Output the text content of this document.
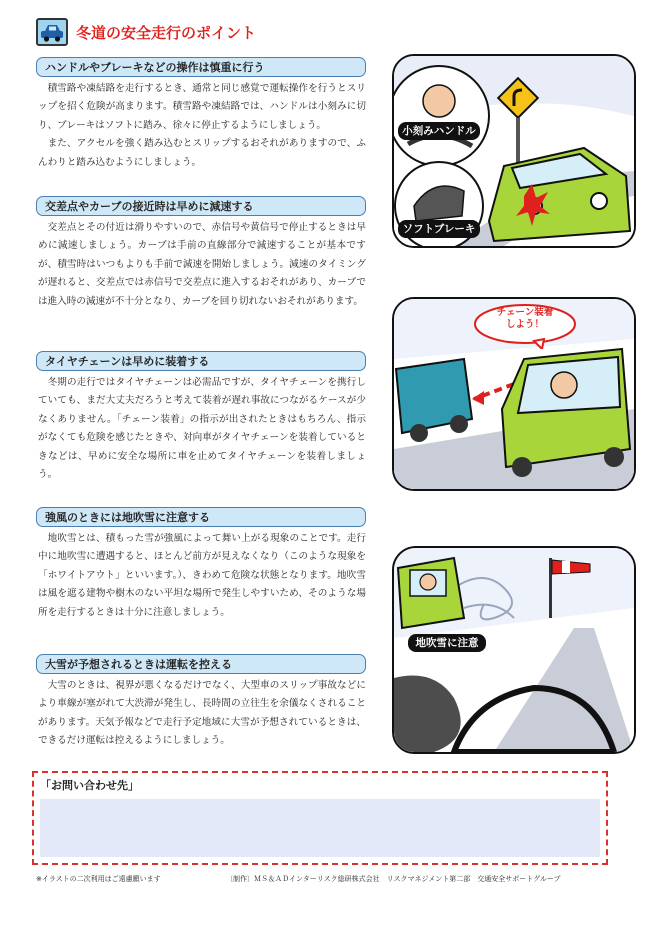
冬道の安全走行のポイント
ハンドルやブレーキなどの操作は慎重に行う

積雪路や凍結路を走行するとき、通常と同じ感覚で運転操作を行うとスリップを招く危険が高まります。積雪路や凍結路では、ハンドルは小刻みに切り、ブレーキはソフトに踏み、徐々に停止するようにしましょう。

また、アクセルを強く踏み込むとスリップするおそれがありますので、ふんわりと踏み込むようにしましょう。

交差点やカーブの接近時は早めに減速する

交差点とその付近は滑りやすいので、赤信号や黄信号で停止するときは早めに減速しましょう。カーブは手前の直線部分で減速することが基本ですが、積雪時はいつもよりも手前で減速を開始しましょう。減速のタイミングが遅れると、交差点では赤信号で交差点に進入するおそれがあり、カーブでは進入時の減速が不十分となり、カーブを回り切れないおそれがあります。

タイヤチェーンは早めに装着する

冬期の走行ではタイヤチェーンは必需品ですが、タイヤチェーンを携行していても、まだ大丈夫だろうと考えて装着が遅れ事故につながるケースが少なくありません。「チェーン装着」の指示が出されたときはもちろん、指示がなくても危険を感じたときや、対向車がタイヤチェーンを装着しているときなどは、早めに安全な場所に車を止めてタイヤチェーンを装着しましょう。

強風のときには地吹雪に注意する

地吹雪とは、積もった雪が強風によって舞い上がる現象のことです。走行中に地吹雪に遭遇すると、ほとんど前方が見えなくなり（このような現象を「ホワイトアウト」といいます。）、きわめて危険な状態となります。地吹雪は風を遮る建物や樹木のない平坦な場所で発生しやすいため、そのような場所を走行するときは十分に注意しましょう。

大雪が予想されるときは運転を控える

大雪のときは、視界が悪くなるだけでなく、大型車のスリップ事故などにより車線が塞がれて大渋滞が発生し、長時間の立往生を余儀なくされることがあります。天気予報などで走行予定地域に大雪が予想されているときは、できるだけ運転は控えるようにしましょう。

小刻みハンドル
ソフトブレーキ
チェーン装着
しよう！
地吹雪に注意
「お問い合わせ先」
※イラストの二次利用はご遠慮願います	〔制作〕ＭＳ＆ＡＤインターリスク総研株式会社　リスクマネジメント第二部　交通安全サポートグループ
